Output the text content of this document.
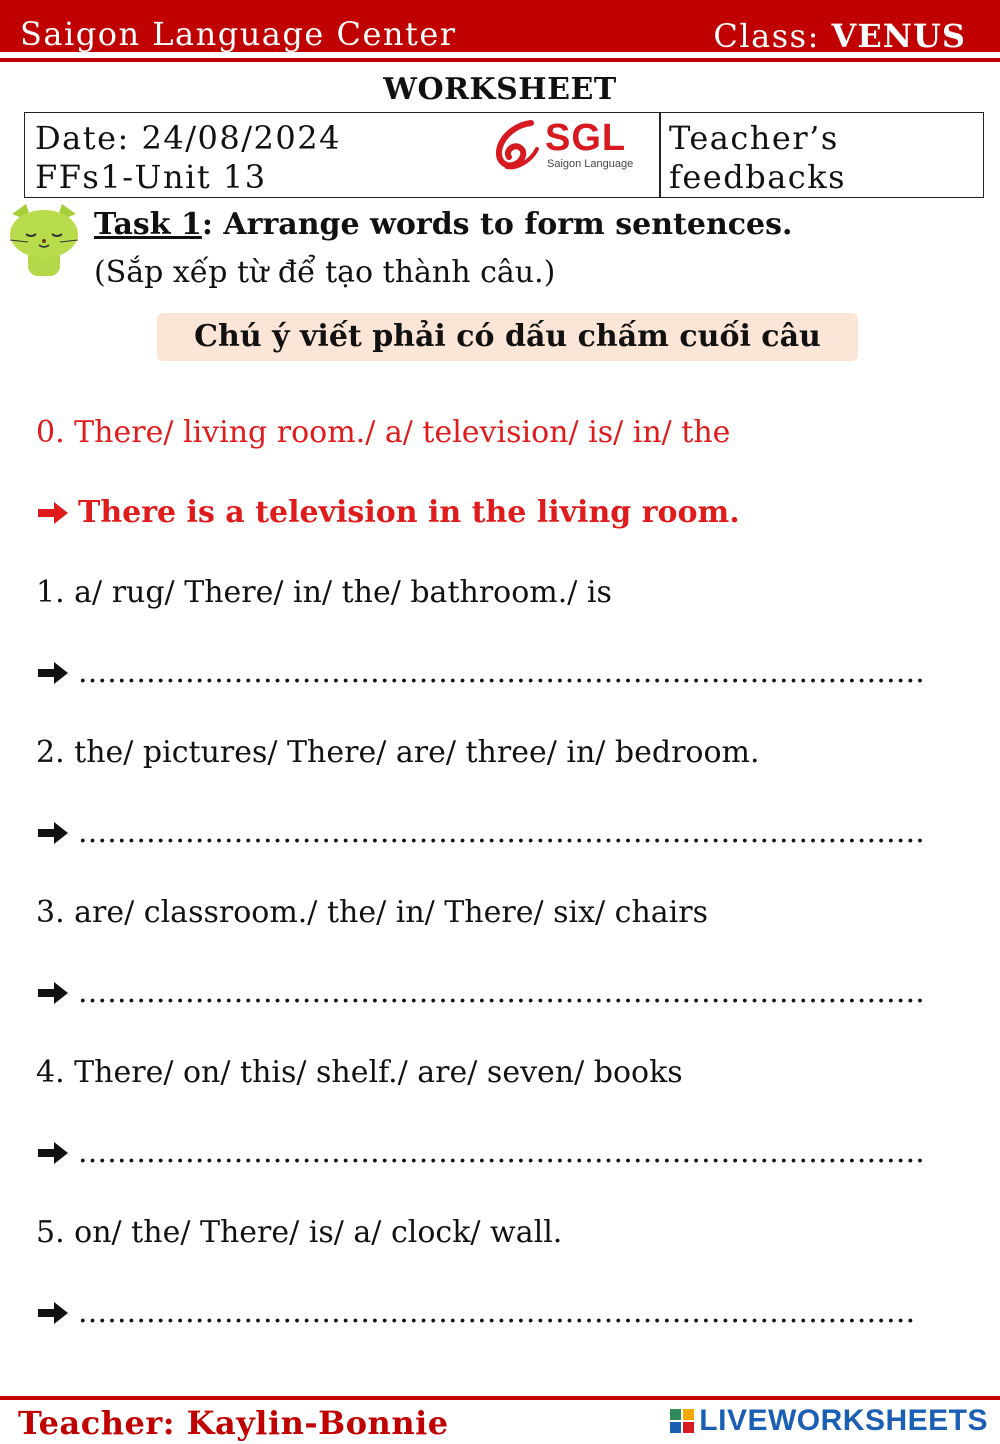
Saigon Language Center	Class: VENUS
WORKSHEET
Date: 24/08/2024
FFs1-Unit 13
SGL
Saigon Language
Teacher’s
feedbacks
Task 1: Arrange words to form sentences.
(Sắp xếp từ để tạo thành câu.)
Chú ý viết phải có dấu chấm cuối câu
0. There/ living room./ a/ television/ is/ in/ the
There is a television in the living room.
1. a/ rug/ There/ in/ the/ bathroom./ is
.......................................................................................
2. the/ pictures/ There/ are/ three/ in/ bedroom.
.......................................................................................
3. are/ classroom./ the/ in/ There/ six/ chairs
.......................................................................................
4. There/ on/ this/ shelf./ are/ seven/ books
.......................................................................................
5. on/ the/ There/ is/ a/ clock/ wall.
......................................................................................
Teacher: Kaylin-Bonnie	LIVEWORKSHEETS
